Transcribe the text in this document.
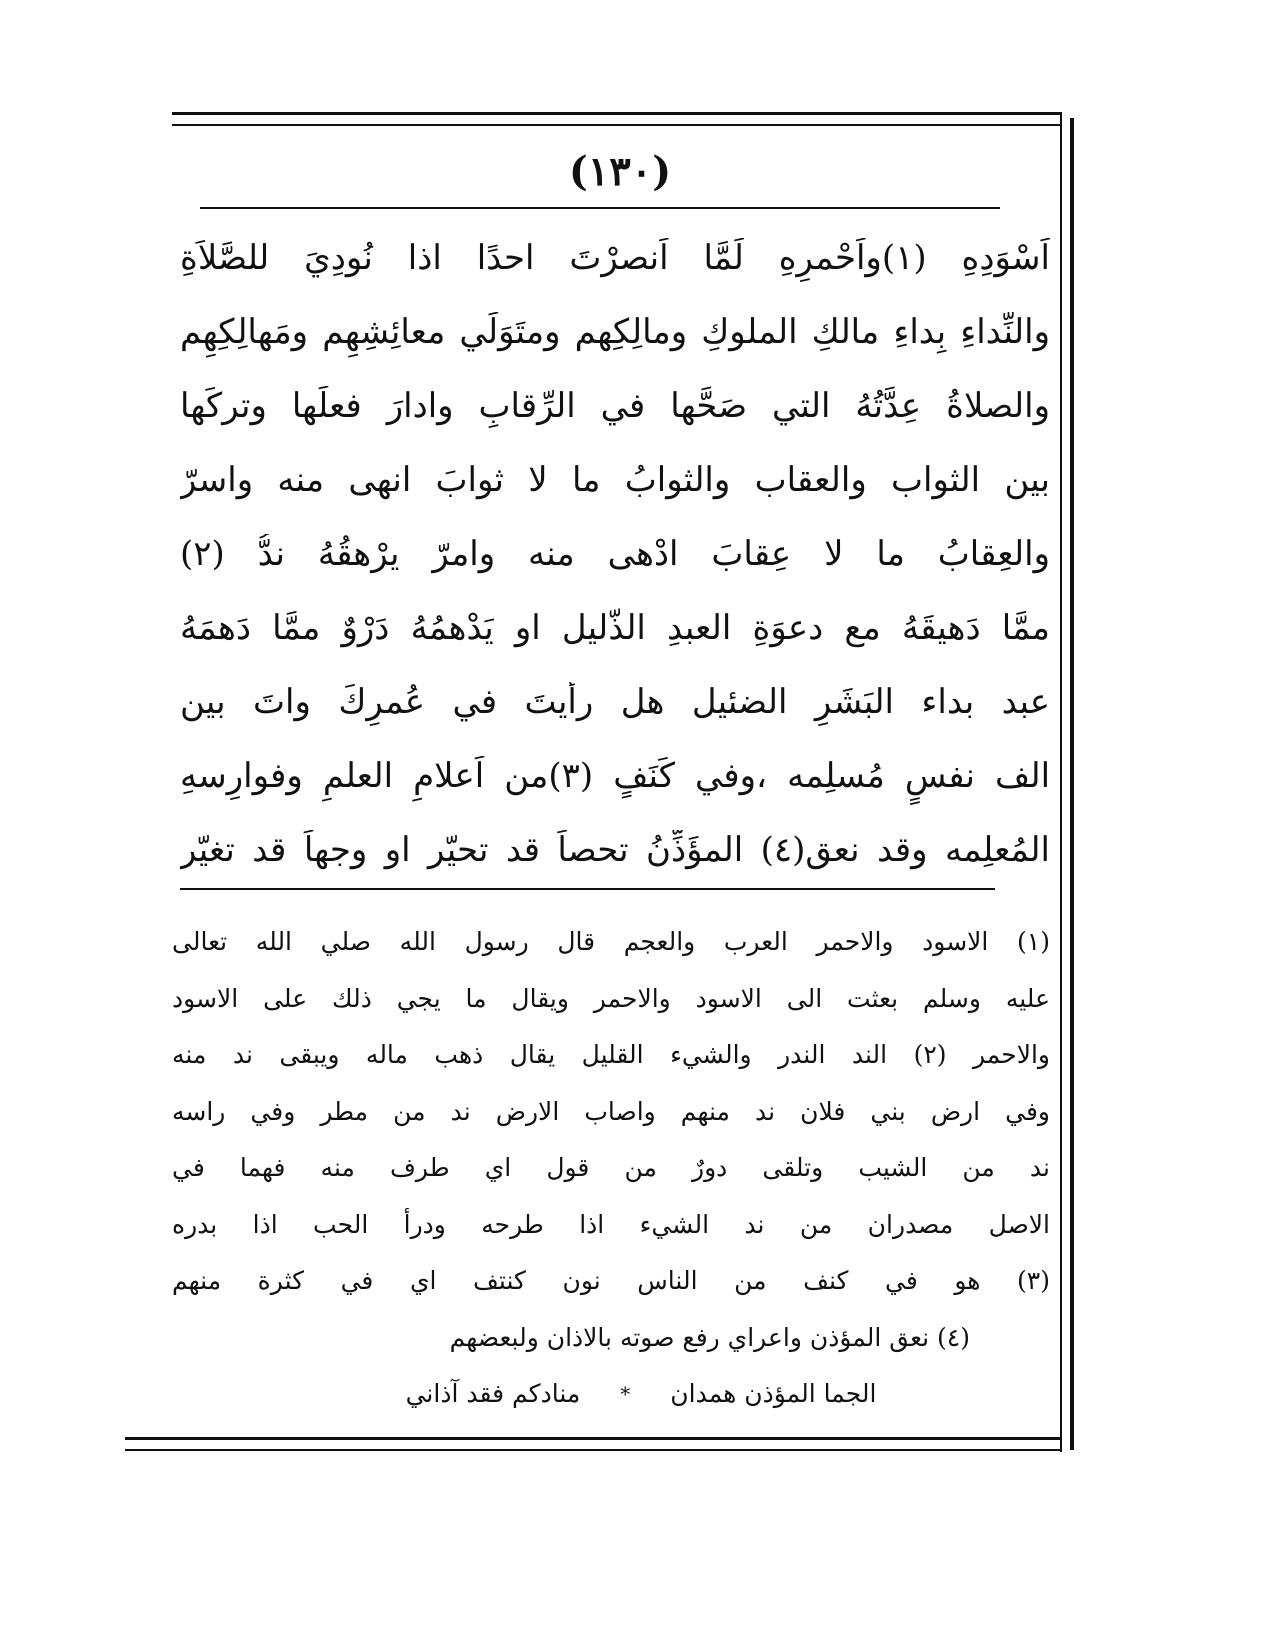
(١٣٠)
اَسْوَدِهِ (١)واَحْمرِهِ لَمَّا اَنصرْتَ احدًا اذا نُودِيَ للصَّلاَةِ
والنِّداءِ بِداءِ مالكِ الملوكِ ومالِكِهم ومتَوَلِّي معائِشِهِم ومَهالِكِهِم
والصلاةُ عِدَّتُهُ التي صَحَّها في الرِّقابِ وادارَ فعلَها وتركَها
بين الثواب والعقاب والثوابُ ما لا ثوابَ انهى منه واسرّ
والعِقابُ ما لا عِقابَ ادْهى منه وامرّ يرْهقُهُ ندُّ (٢)
ممَّا دَهيقَهُ مع دعوَةِ العبدِ الذَّليل او يَدْهمُهُ دَرْوٌ ممَّا دَهمَهُ
عبد بداء البَشَرِ الضئيل هل رأيتَ في عُمرِكَ واتَ بين
الف نفسٍ مُسلِمه ،وفي كَنَفٍ (٣)من اَعلامِ العلمِ وفوارِسهِ
المُعلِمه وقد نعق(٤) المؤَذِّنُ تحصاً قد تحيّر او وجهاً قد تغيّر
(١) الاسود والاحمر العرب والعجم قال رسول الله صلي الله تعالى
عليه وسلم بعثت الى الاسود والاحمر ويقال ما يجي ذلك على الاسود
والاحمر (٢) الند الندر والشيء القليل يقال ذهب ماله ويبقى ند منه
وفي ارض بني فلان ند منهم واصاب الارض ند من مطر وفي راسه
ند من الشيب وتلقى دورٌ من قول اي طرف منه فهما في
الاصل مصدران من ند الشيء اذا طرحه ودرأ الحب اذا بدره
(٣) هو في كنف من الناس نون كنتف اي في كثرة منهم
(٤) نعق المؤذن واعراي رفع صوته بالاذان ولبعضهم
الجما المؤذن همدان
*
منادكم فقد آذاني
